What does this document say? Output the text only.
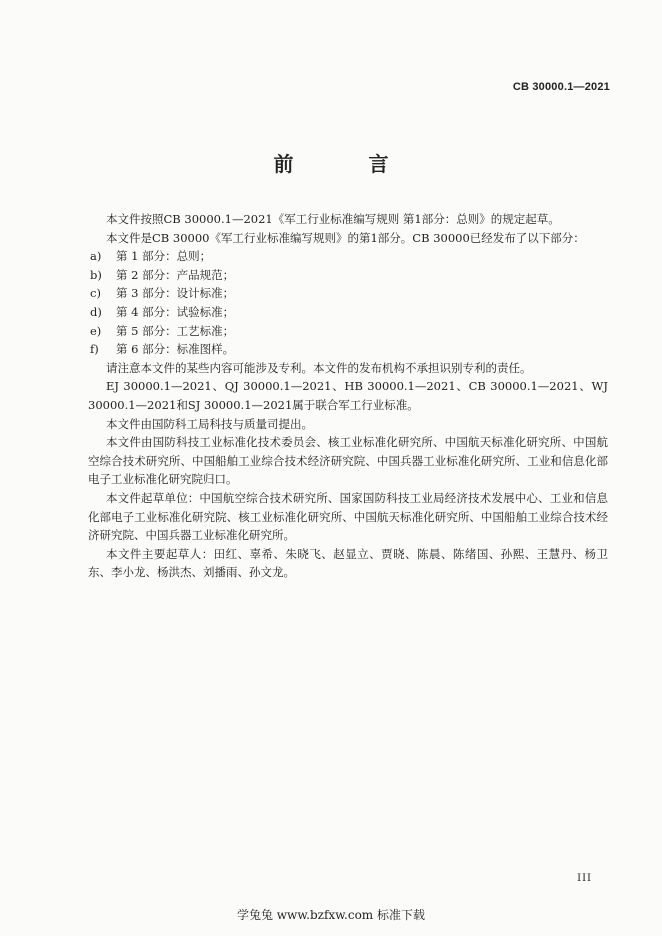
CB 30000.1—2021
前 言

本文件按照CB 30000.1—2021《军工行业标准编写规则 第1部分：总则》的规定起草。

本文件是CB 30000《军工行业标准编写规则》的第1部分。CB 30000已经发布了以下部分：

a) 第 1 部分：总则；

b) 第 2 部分：产品规范；

c) 第 3 部分：设计标准；

d) 第 4 部分：试验标准；

e) 第 5 部分：工艺标准；

f) 第 6 部分：标准图样。

请注意本文件的某些内容可能涉及专利。本文件的发布机构不承担识别专利的责任。

EJ 30000.1—2021、QJ 30000.1—2021、HB 30000.1—2021、CB 30000.1—2021、WJ 30000.1—2021和SJ 30000.1—2021属于联合军工行业标准。

本文件由国防科工局科技与质量司提出。

本文件由国防科技工业标准化技术委员会、核工业标准化研究所、中国航天标准化研究所、中国航空综合技术研究所、中国船舶工业综合技术经济研究院、中国兵器工业标准化研究所、工业和信息化部电子工业标准化研究院归口。

本文件起草单位：中国航空综合技术研究所、国家国防科技工业局经济技术发展中心、工业和信息化部电子工业标准化研究院、核工业标准化研究所、中国航天标准化研究所、中国船舶工业综合技术经济研究院、中国兵器工业标准化研究所。

本文件主要起草人：田红、辜希、朱晓飞、赵显立、贾晓、陈晨、陈绪国、孙熙、王慧丹、杨卫东、李小龙、杨洪杰、刘播雨、孙文龙。

III
学兔兔 www.bzfxw.com 标准下载
